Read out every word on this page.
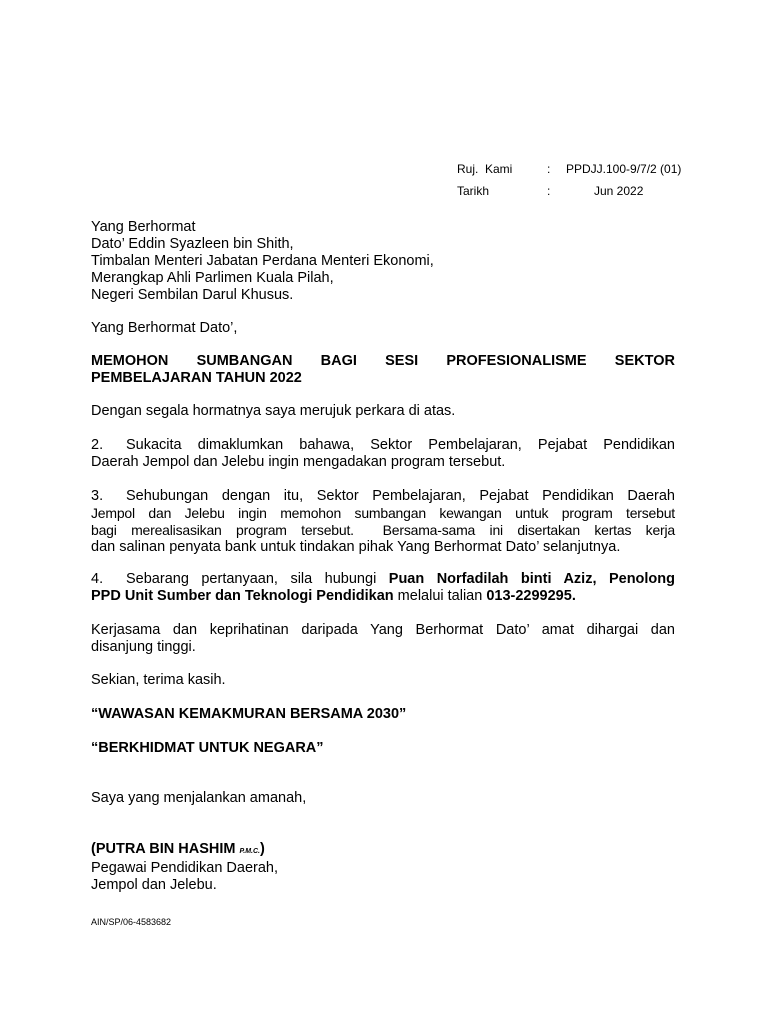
Ruj.  Kami	: PPDJJ.100-9/7/2 (01)
Tarikh	:	Jun 2022
Yang Berhormat
Dato’ Eddin Syazleen bin Shith,
Timbalan Menteri Jabatan Perdana Menteri Ekonomi,
Merangkap Ahli Parlimen Kuala Pilah,
Negeri Sembilan Darul Khusus.
Yang Berhormat Dato’,
MEMOHON SUMBANGAN BAGI SESI PROFESIONALISME SEKTOR
PEMBELAJARAN TAHUN 2022
Dengan segala hormatnya saya merujuk perkara di atas.
2.	Sukacita dimaklumkan bahawa, Sektor Pembelajaran, Pejabat Pendidikan
Daerah Jempol dan Jelebu ingin mengadakan program tersebut.
3.	Sehubungan dengan itu, Sektor Pembelajaran, Pejabat Pendidikan Daerah
Jempol dan Jelebu ingin memohon sumbangan kewangan untuk program tersebut
bagi merealisasikan program tersebut.  Bersama-sama ini disertakan kertas kerja
dan salinan penyata bank untuk tindakan pihak Yang Berhormat Dato’ selanjutnya.
4.	Sebarang pertanyaan, sila hubungi Puan Norfadilah binti Aziz, Penolong
PPD Unit Sumber dan Teknologi Pendidikan melalui talian 013-2299295.
Kerjasama dan keprihatinan daripada Yang Berhormat Dato’ amat dihargai dan
disanjung tinggi.
Sekian, terima kasih.
“WAWASAN KEMAKMURAN BERSAMA 2030”
“BERKHIDMAT UNTUK NEGARA”
Saya yang menjalankan amanah,
(PUTRA BIN HASHIM P.M.C.)
Pegawai Pendidikan Daerah,
Jempol dan Jelebu.
AIN/SP/06-4583682
